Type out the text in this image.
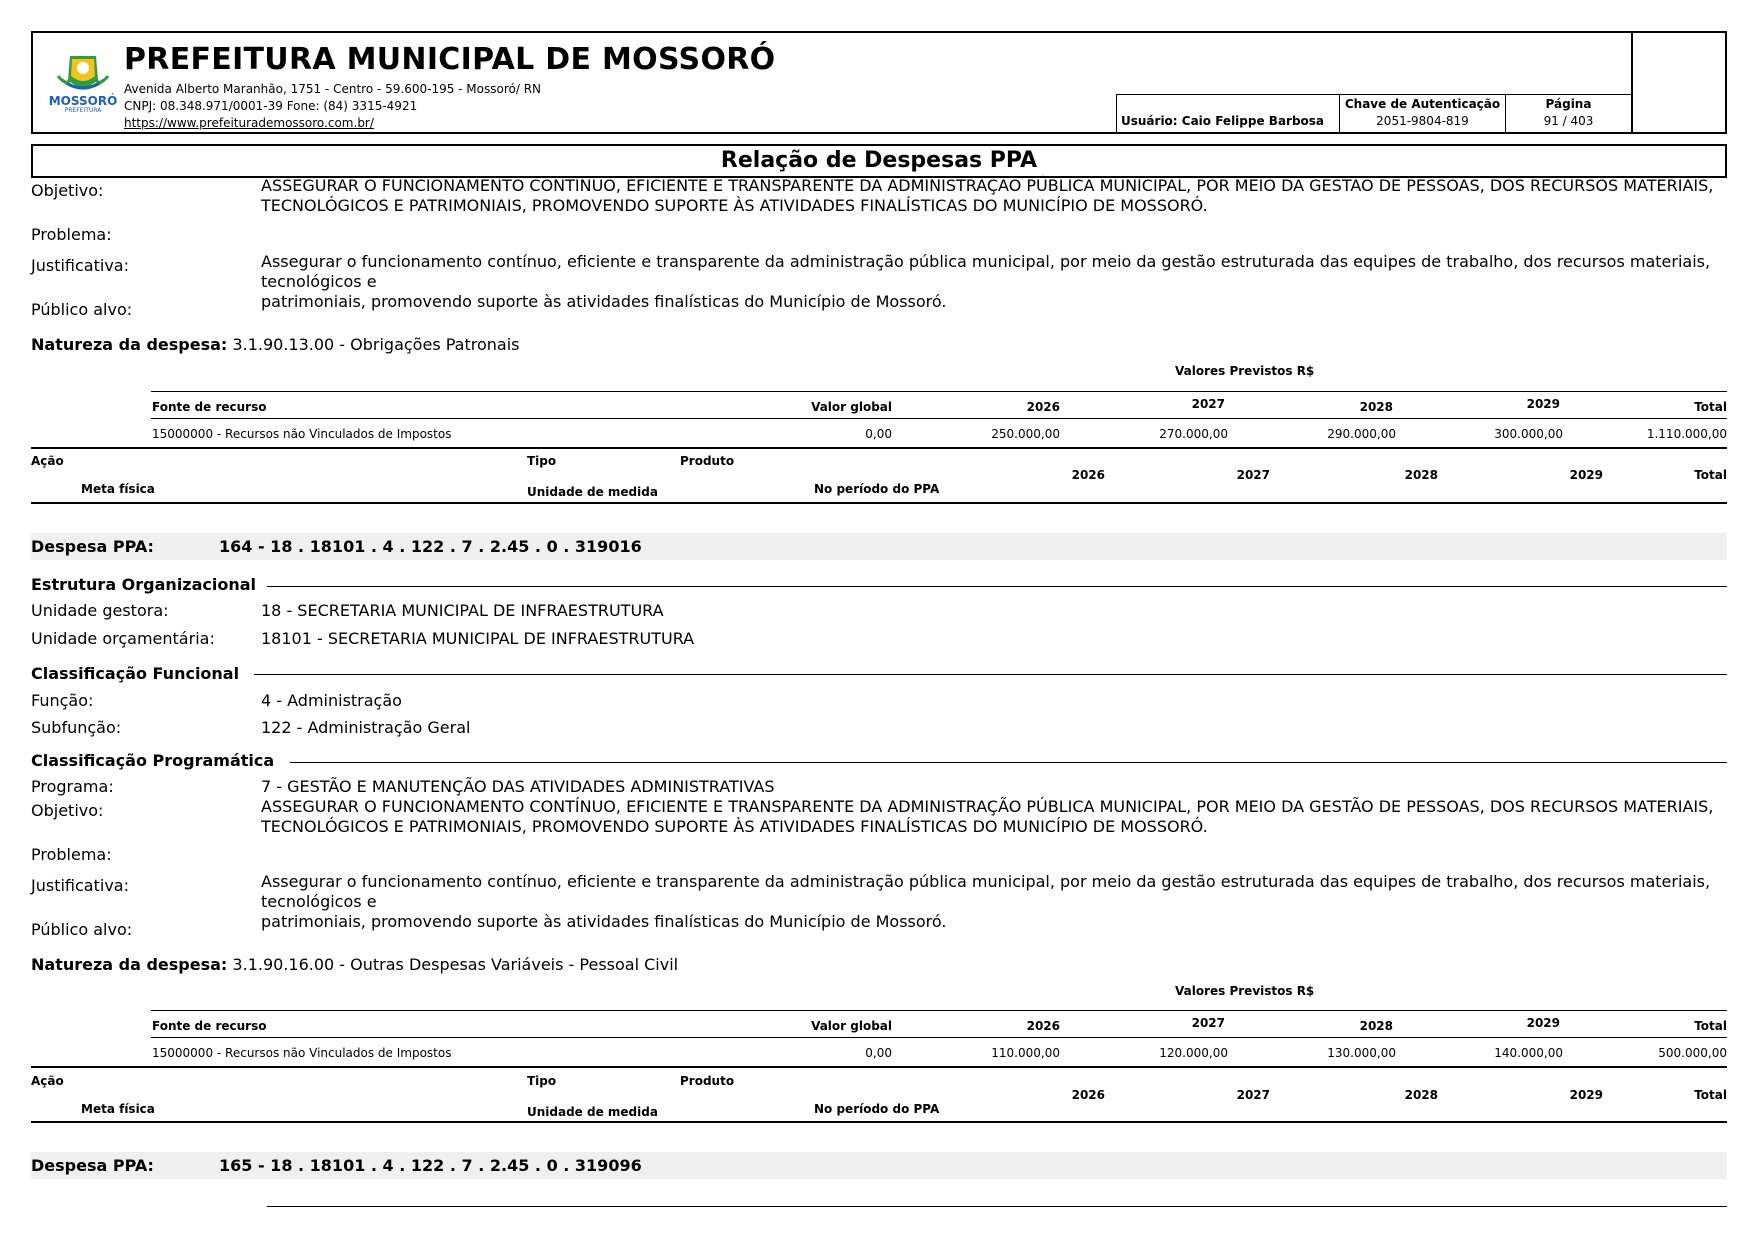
MOSSORÓ
PREFEITURA
PREFEITURA MUNICIPAL DE MOSSORÓ
Avenida Alberto Maranhão, 1751 - Centro - 59.600-195 - Mossoró/ RN
CNPJ: 08.348.971/0001-39 Fone: (84) 3315-4921
https://www.prefeiturademossoro.com.br/	Usuário: Caio Felippe Barbosa
Chave de Autenticação
2051-9804-819
Página
91 / 403
Relação de Despesas PPA
Objetivo:	ASSEGURAR O FUNCIONAMENTO CONTÍNUO, EFICIENTE E TRANSPARENTE DA ADMINISTRAÇÃO PÚBLICA MUNICIPAL, POR MEIO DA GESTÃO DE PESSOAS, DOS RECURSOS MATERIAIS,
TECNOLÓGICOS E PATRIMONIAIS, PROMOVENDO SUPORTE ÀS ATIVIDADES FINALÍSTICAS DO MUNICÍPIO DE MOSSORÓ.
Problema:
Justificativa:	Assegurar o funcionamento contínuo, eficiente e transparente da administração pública municipal, por meio da gestão estruturada das equipes de trabalho, dos recursos materiais, tecnológicos e
patrimoniais, promovendo suporte às atividades finalísticas do Município de Mossoró.
Público alvo:
Natureza da despesa: 3.1.90.13.00 - Obrigações Patronais
Valores Previstos R$
Fonte de recurso	Valor global	2026	2027	2028	2029	Total
15000000 - Recursos não Vinculados de Impostos	0,00	250.000,00	270.000,00	290.000,00	300.000,00	1.110.000,00
Ação	Tipo	Produto
Meta física	Unidade de medida	No período do PPA
2026	2027	2028	2029	Total
Despesa PPA:	164 - 18 . 18101 . 4 . 122 . 7 . 2.45 . 0 . 319016
Estrutura Organizacional
Unidade gestora:	18 - SECRETARIA MUNICIPAL DE INFRAESTRUTURA
Unidade orçamentária:	18101 - SECRETARIA MUNICIPAL DE INFRAESTRUTURA
Classificação Funcional
Função:	4 - Administração
Subfunção:	122 - Administração Geral
Classificação Programática
Programa:	7 - GESTÃO E MANUTENÇÃO DAS ATIVIDADES ADMINISTRATIVAS
Objetivo:	ASSEGURAR O FUNCIONAMENTO CONTÍNUO, EFICIENTE E TRANSPARENTE DA ADMINISTRAÇÃO PÚBLICA MUNICIPAL, POR MEIO DA GESTÃO DE PESSOAS, DOS RECURSOS MATERIAIS,
TECNOLÓGICOS E PATRIMONIAIS, PROMOVENDO SUPORTE ÀS ATIVIDADES FINALÍSTICAS DO MUNICÍPIO DE MOSSORÓ.
Problema:
Justificativa:	Assegurar o funcionamento contínuo, eficiente e transparente da administração pública municipal, por meio da gestão estruturada das equipes de trabalho, dos recursos materiais, tecnológicos e
patrimoniais, promovendo suporte às atividades finalísticas do Município de Mossoró.
Público alvo:
Natureza da despesa: 3.1.90.16.00 - Outras Despesas Variáveis - Pessoal Civil
Valores Previstos R$
Fonte de recurso	Valor global	2026	2027	2028	2029	Total
15000000 - Recursos não Vinculados de Impostos	0,00	110.000,00	120.000,00	130.000,00	140.000,00	500.000,00
Ação	Tipo	Produto
Meta física	Unidade de medida	No período do PPA
2026	2027	2028	2029	Total
Despesa PPA:	165 - 18 . 18101 . 4 . 122 . 7 . 2.45 . 0 . 319096
